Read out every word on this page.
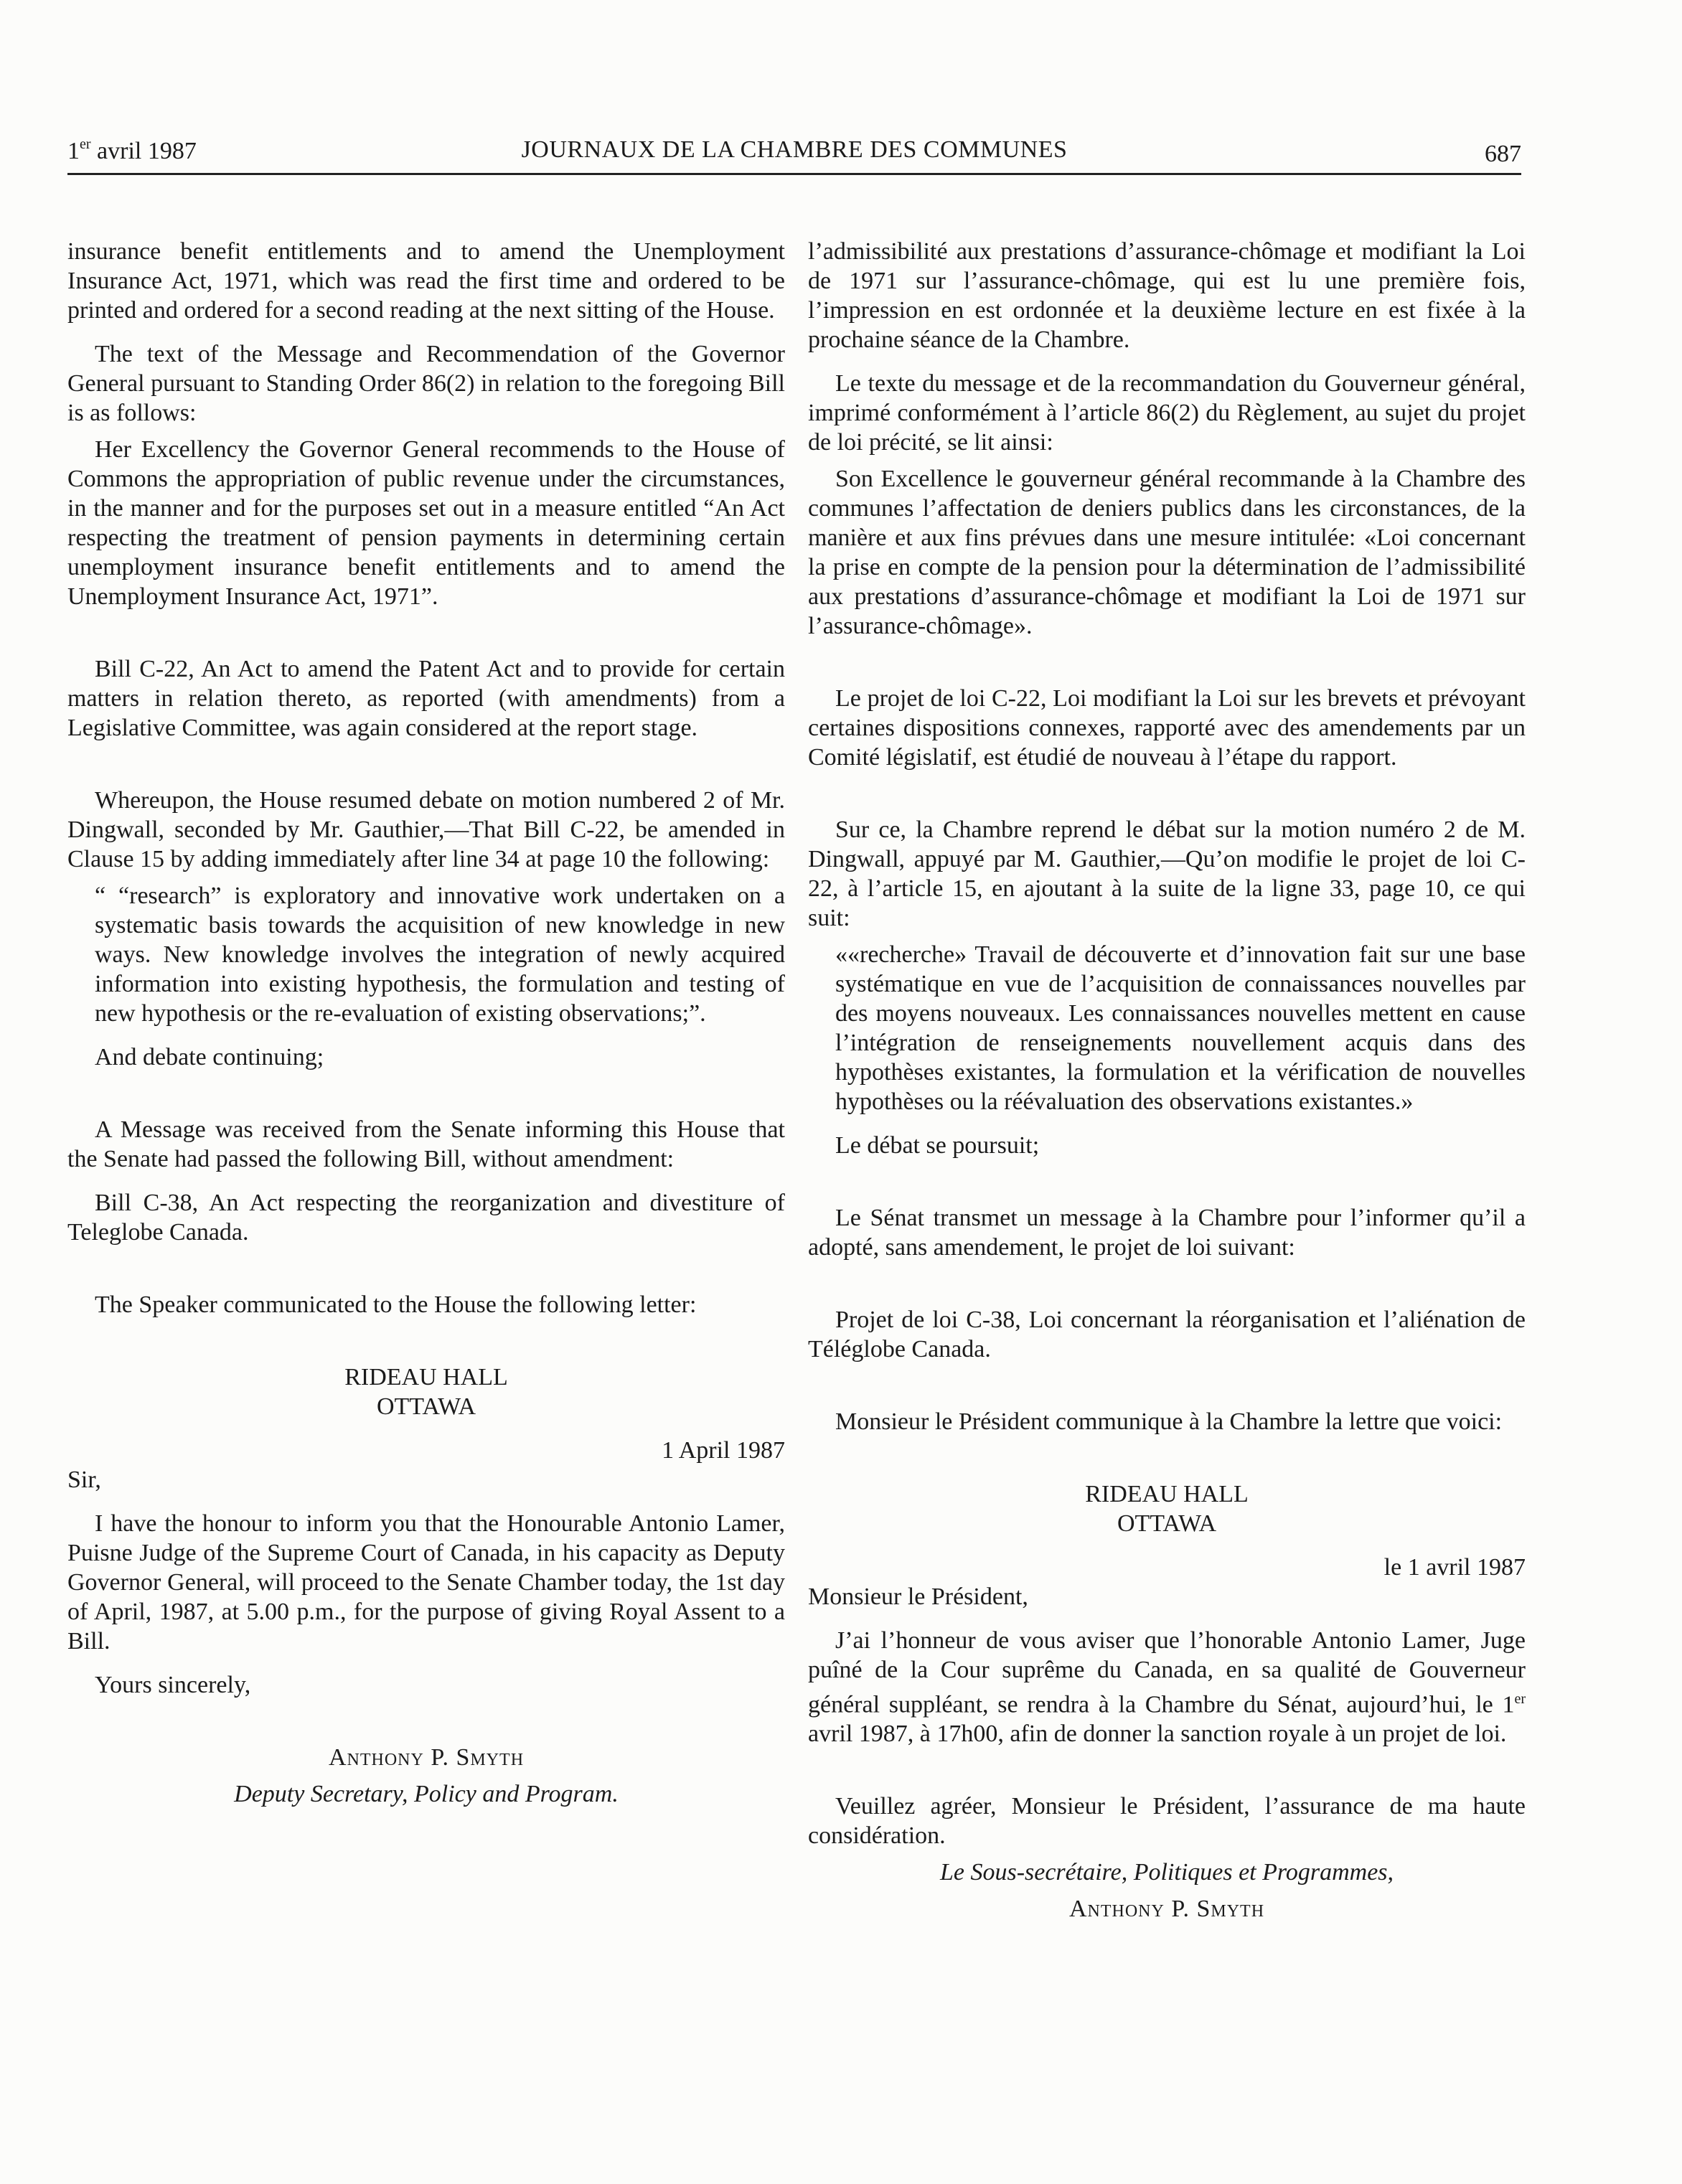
1er avril 1987	JOURNAUX DE LA CHAMBRE DES COMMUNES	687

insurance benefit entitlements and to amend the Unemployment Insurance Act, 1971, which was read the first time and ordered to be printed and ordered for a second reading at the next sitting of the House.

The text of the Message and Recommendation of the Governor General pursuant to Standing Order 86(2) in relation to the foregoing Bill is as follows:

Her Excellency the Governor General recommends to the House of Commons the appropriation of public revenue under the circumstances, in the manner and for the purposes set out in a measure entitled “An Act respecting the treatment of pension payments in determining certain unemployment insurance benefit entitlements and to amend the Unemployment Insurance Act, 1971”.

Bill C-22, An Act to amend the Patent Act and to provide for certain matters in relation thereto, as reported (with amendments) from a Legislative Committee, was again considered at the report stage.

Whereupon, the House resumed debate on motion numbered 2 of Mr. Dingwall, seconded by Mr. Gauthier,—That Bill C-22, be amended in Clause 15 by adding immediately after line 34 at page 10 the following:

“ “research” is exploratory and innovative work undertaken on a systematic basis towards the acquisition of new knowledge in new ways. New knowledge involves the integration of newly acquired information into existing hypothesis, the formulation and testing of new hypothesis or the re-evaluation of existing observations;”.

And debate continuing;

A Message was received from the Senate informing this House that the Senate had passed the following Bill, without amendment:

Bill C-38, An Act respecting the reorganization and divestiture of Teleglobe Canada.

The Speaker communicated to the House the following letter:

RIDEAU HALL
OTTAWA
1 April 1987

Sir,

I have the honour to inform you that the Honourable Antonio Lamer, Puisne Judge of the Supreme Court of Canada, in his capacity as Deputy Governor General, will proceed to the Senate Chamber today, the 1st day of April, 1987, at 5.00 p.m., for the purpose of giving Royal Assent to a Bill.

Yours sincerely,

Anthony P. Smyth
Deputy Secretary, Policy and Program.

l’admissibilité aux prestations d’assurance-chômage et modifiant la Loi de 1971 sur l’assurance-chômage, qui est lu une première fois, l’impression en est ordonnée et la deuxième lecture en est fixée à la prochaine séance de la Chambre.

Le texte du message et de la recommandation du Gouverneur général, imprimé conformément à l’article 86(2) du Règlement, au sujet du projet de loi précité, se lit ainsi:

Son Excellence le gouverneur général recommande à la Chambre des communes l’affectation de deniers publics dans les circonstances, de la manière et aux fins prévues dans une mesure intitulée: «Loi concernant la prise en compte de la pension pour la détermination de l’admissibilité aux prestations d’assurance-chômage et modifiant la Loi de 1971 sur l’assurance-chômage».

Le projet de loi C-22, Loi modifiant la Loi sur les brevets et prévoyant certaines dispositions connexes, rapporté avec des amendements par un Comité législatif, est étudié de nouveau à l’étape du rapport.

Sur ce, la Chambre reprend le débat sur la motion numéro 2 de M. Dingwall, appuyé par M. Gauthier,—Qu’on modifie le projet de loi C-22, à l’article 15, en ajoutant à la suite de la ligne 33, page 10, ce qui suit:

««recherche» Travail de découverte et d’innovation fait sur une base systématique en vue de l’acquisition de connaissances nouvelles par des moyens nouveaux. Les connaissances nouvelles mettent en cause l’intégration de renseignements nouvellement acquis dans des hypothèses existantes, la formulation et la vérification de nouvelles hypothèses ou la réévaluation des observations existantes.»

Le débat se poursuit;

Le Sénat transmet un message à la Chambre pour l’informer qu’il a adopté, sans amendement, le projet de loi suivant:

Projet de loi C-38, Loi concernant la réorganisation et l’aliénation de Téléglobe Canada.

Monsieur le Président communique à la Chambre la lettre que voici:

RIDEAU HALL
OTTAWA
le 1 avril 1987

Monsieur le Président,

J’ai l’honneur de vous aviser que l’honorable Antonio Lamer, Juge puîné de la Cour suprême du Canada, en sa qualité de Gouverneur général suppléant, se rendra à la Chambre du Sénat, aujourd’hui, le 1er avril 1987, à 17h00, afin de donner la sanction royale à un projet de loi.

Veuillez agréer, Monsieur le Président, l’assurance de ma haute considération.

Le Sous-secrétaire, Politiques et Programmes,
Anthony P. Smyth
